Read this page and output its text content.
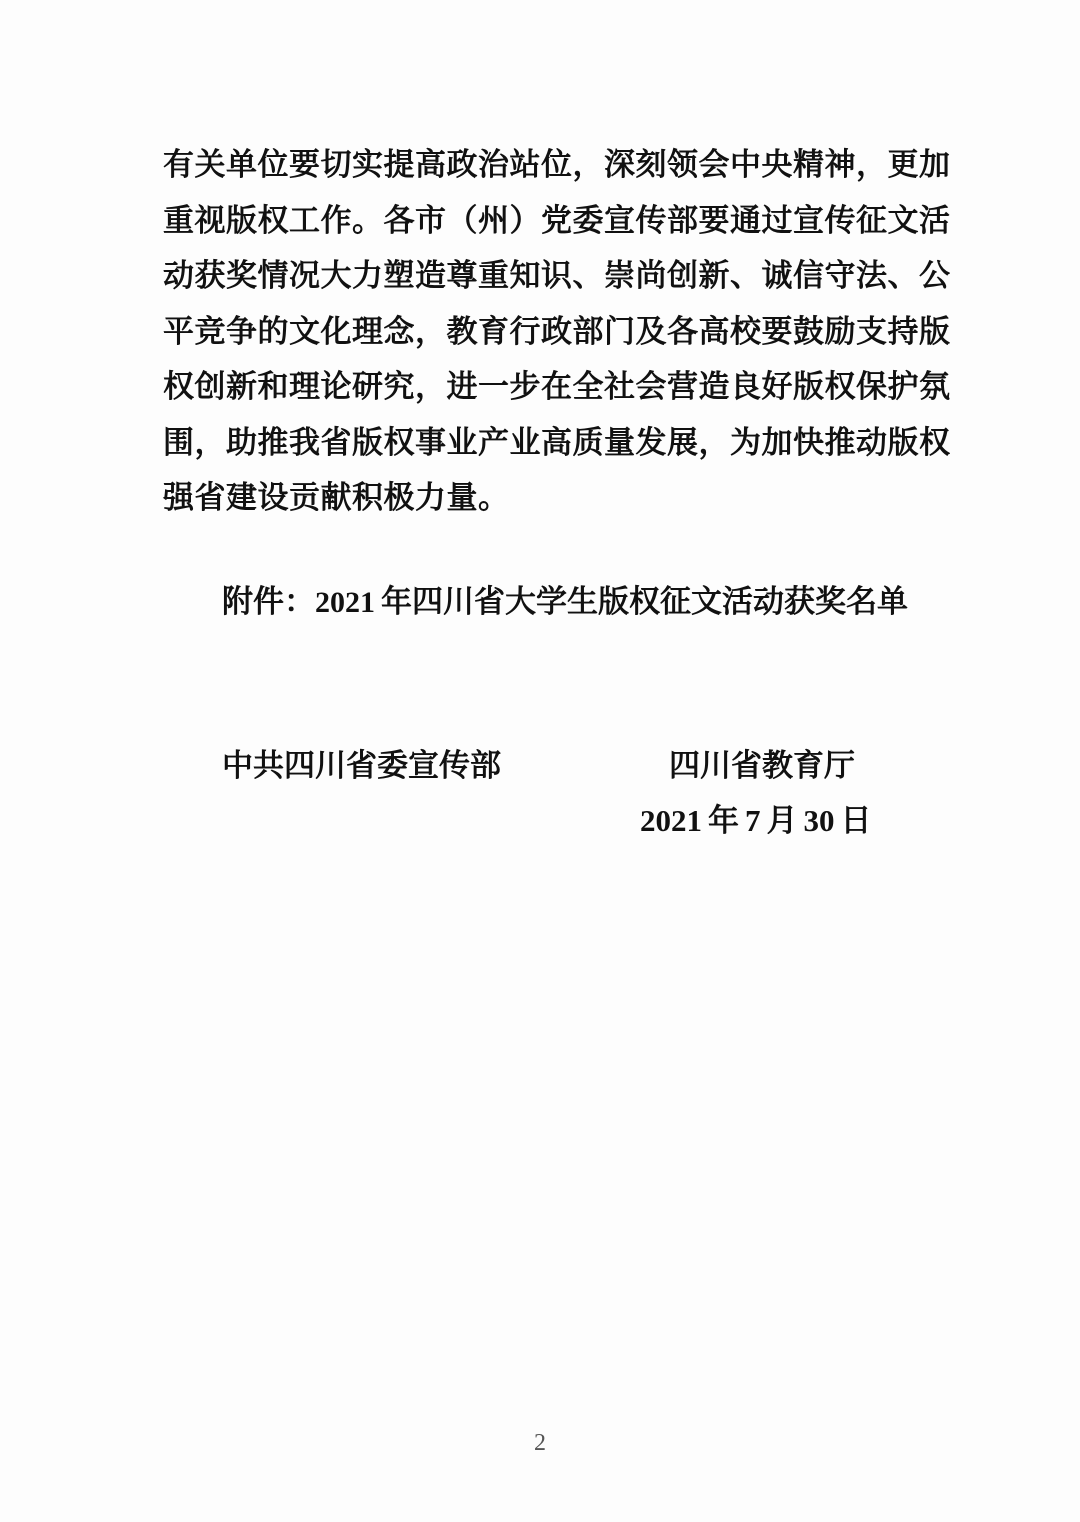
有关单位要切实提高政治站位，深刻领会中央精神，更加
重视版权工作。各市（州）党委宣传部要通过宣传征文活
动获奖情况大力塑造尊重知识、崇尚创新、诚信守法、公
平竞争的文化理念，教育行政部门及各高校要鼓励支持版
权创新和理论研究，进一步在全社会营造良好版权保护氛
围，助推我省版权事业产业高质量发展，为加快推动版权
强省建设贡献积极力量。
附件：2021 年四川省大学生版权征文活动获奖名单
中共四川省委宣传部	四川省教育厅
2021 年 7 月 30 日
2
